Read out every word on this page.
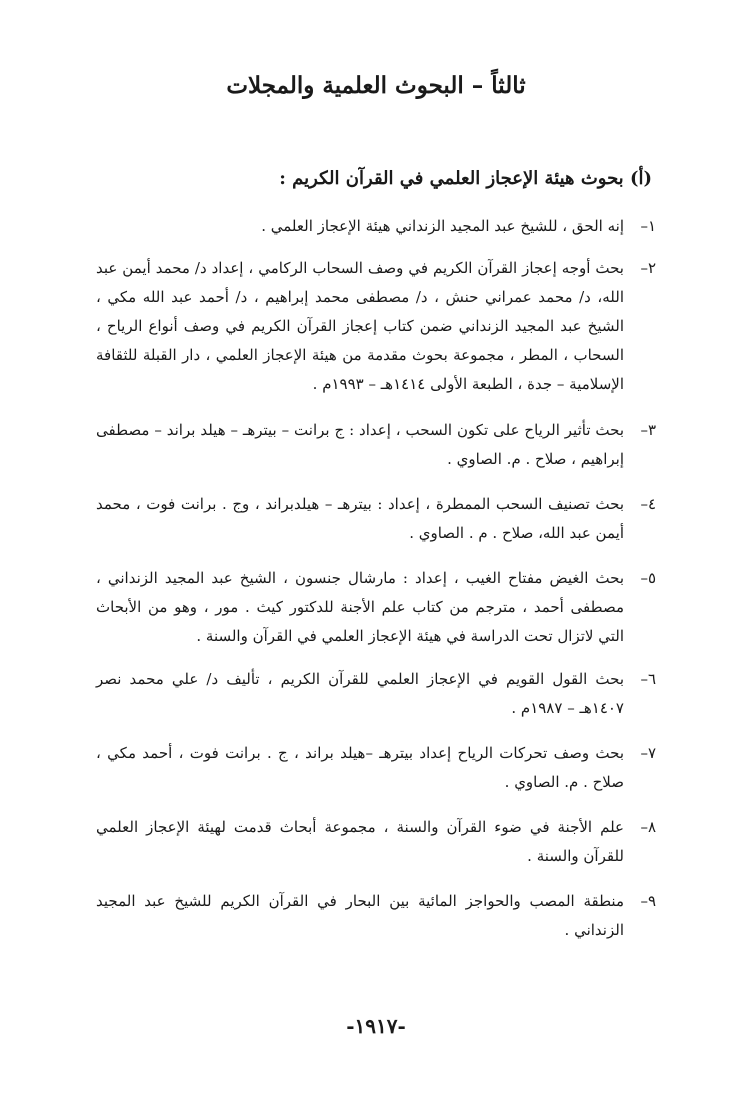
ثالثاً – البحوث العلمية والمجلات
(أ) بحوث هيئة الإعجاز العلمي في القرآن الكريم :
١–
إنه الحق ، للشيخ عبد المجيد الزنداني هيئة الإعجاز العلمي .
٢–
بحث أوجه إعجاز القرآن الكريم في وصف السحاب الركامي ، إعداد د/ محمد أيمن عبد الله، د/ محمد عمراني حنش ، د/ مصطفى محمد إبراهيم ، د/ أحمد عبد الله مكي ، الشيخ عبد المجيد الزنداني ضمن كتاب إعجاز القرآن الكريم في وصف أنواع الرياح ، السحاب ، المطر ، مجموعة بحوث مقدمة من هيئة الإعجاز العلمي ، دار القبلة للثقافة الإسلامية – جدة ، الطبعة الأولى ١٤١٤هـ – ١٩٩٣م .
٣–
بحث تأثير الرياح على تكون السحب ، إعداد : ج برانت – بيترهـ – هيلد براند – مصطفى إبراهيم ، صلاح . م. الصاوي .
٤–
بحث تصنيف السحب الممطرة ، إعداد : بيترهـ – هيلدبراند ، وج . برانت فوت ، محمد أيمن عبد الله، صلاح . م . الصاوي .
٥–
بحث الغيض مفتاح الغيب ، إعداد : مارشال جنسون ، الشيخ عبد المجيد الزنداني ، مصطفى أحمد ، مترجم من كتاب علم الأجنة للدكتور كيث . مور ، وهو من الأبحاث التي لاتزال تحت الدراسة في هيئة الإعجاز العلمي في القرآن والسنة .
٦–
بحث القول القويم في الإعجاز العلمي للقرآن الكريم ، تأليف د/ علي محمد نصر ١٤٠٧هـ – ١٩٨٧م .
٧–
بحث وصف تحركات الرياح إعداد بيترهـ –هيلد براند ، ج . برانت فوت ، أحمد مكي ، صلاح . م. الصاوي .
٨–
علم الأجنة في ضوء القرآن والسنة ، مجموعة أبحاث قدمت لهيئة الإعجاز العلمي للقرآن والسنة .
٩–
منطقة المصب والحواجز المائية بين البحار في القرآن الكريم للشيخ عبد المجيد الزنداني .
-١٩١٧-
